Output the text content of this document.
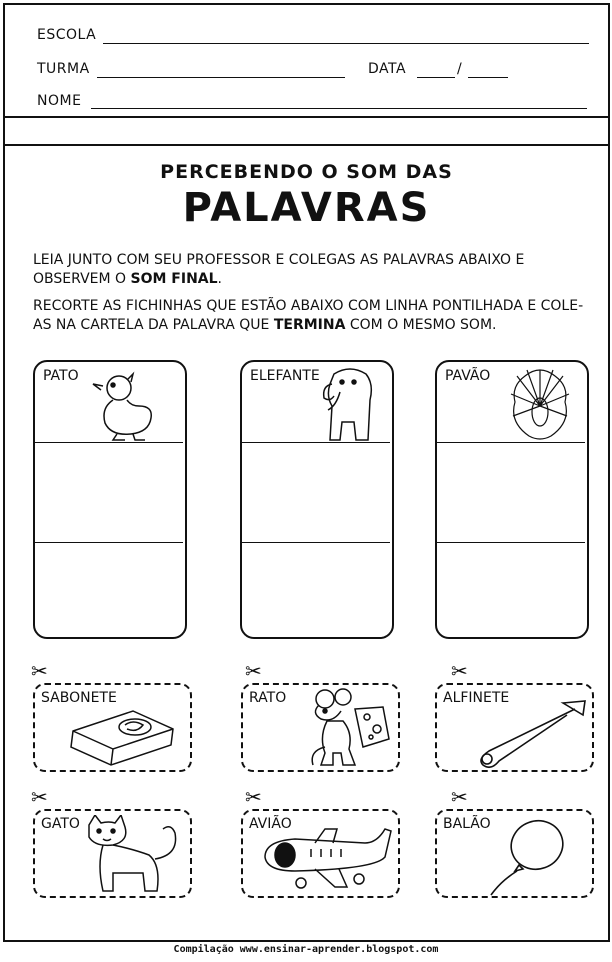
ESCOLA
TURMA	DATA	/
NOME
PERCEBENDO O SOM DAS
PALAVRAS
LEIA JUNTO COM SEU PROFESSOR E COLEGAS AS PALAVRAS ABAIXO E OBSERVEM O SOM FINAL.
RECORTE AS FICHINHAS QUE ESTÃO ABAIXO COM LINHA PONTILHADA E COLE-AS NA CARTELA DA PALAVRA QUE TERMINA COM O MESMO SOM.
PATO	ELEFANTE	PAVÃO
✂
SABONETE
✂
RATO
✂
ALFINETE
✂
GATO
✂
AVIÃO
✂
BALÃO
Compilação www.ensinar-aprender.blogspot.com
